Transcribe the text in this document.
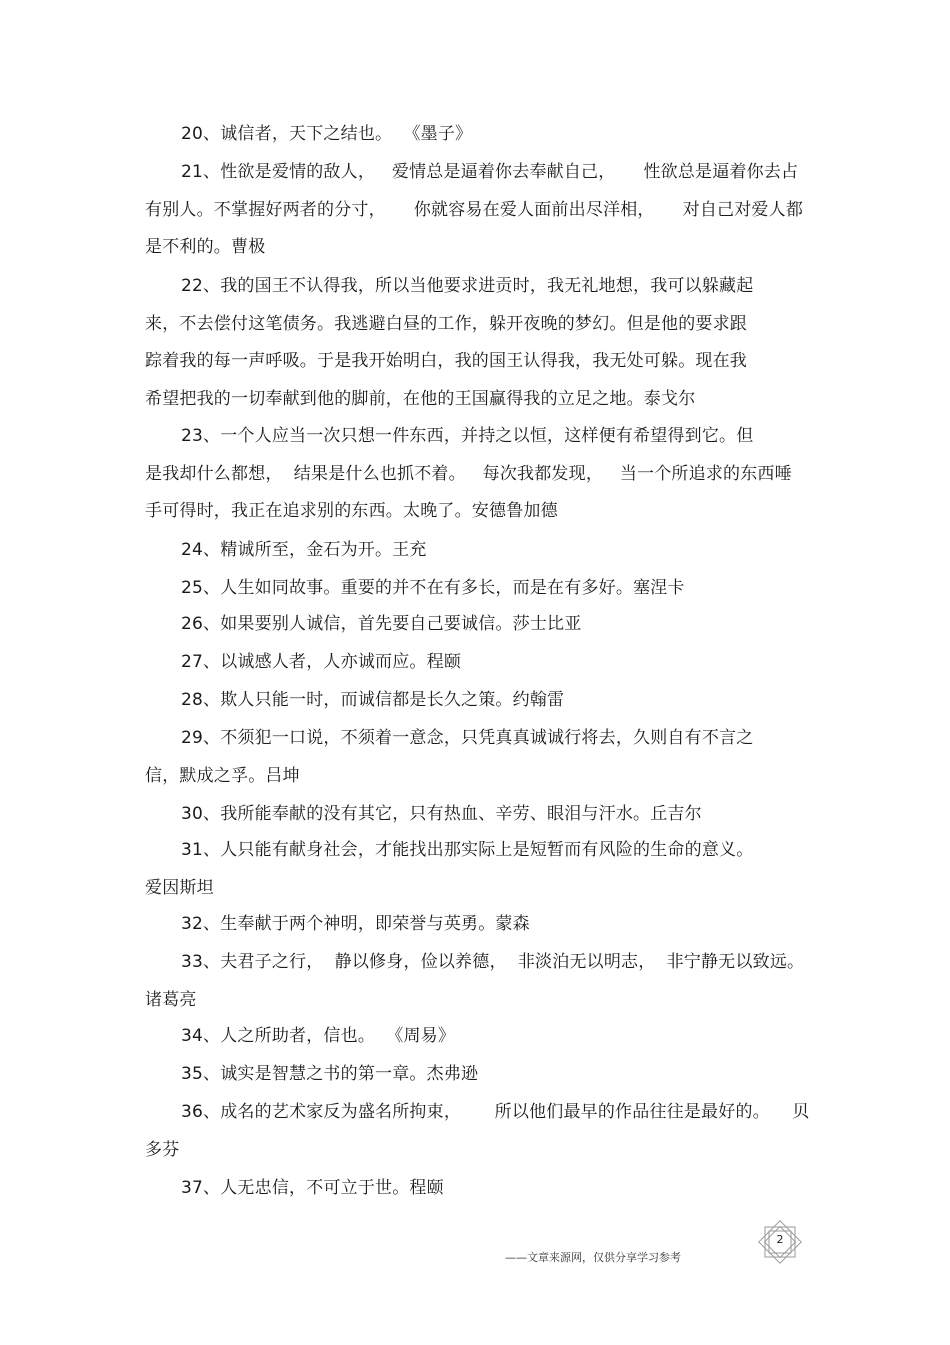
20、诚信者，天下之结也。  《墨子》
21、性欲是爱情的敌人，   爱情总是逼着你去奉献自己，     性欲总是逼着你去占
有别人。不掌握好两者的分寸，     你就容易在爱人面前出尽洋相，     对自己对爱人都
是不利的。曹极
22、我的国王不认得我，所以当他要求进贡时，我无礼地想，我可以躲藏起
来，不去偿付这笔债务。我逃避白昼的工作，躲开夜晚的梦幻。但是他的要求跟
踪着我的每一声呼吸。于是我开始明白，我的国王认得我，我无处可躲。现在我
希望把我的一切奉献到他的脚前，在他的王国赢得我的立足之地。泰戈尔
23、一个人应当一次只想一件东西，并持之以恒，这样便有希望得到它。但
是我却什么都想，  结果是什么也抓不着。   每次我都发现，   当一个所追求的东西唾
手可得时，我正在追求别的东西。太晚了。安德鲁加德
24、精诚所至，金石为开。王充
25、人生如同故事。重要的并不在有多长，而是在有多好。塞涅卡
26、如果要别人诚信，首先要自己要诚信。莎士比亚
27、以诚感人者，人亦诚而应。程颐
28、欺人只能一时，而诚信都是长久之策。约翰雷
29、不须犯一口说，不须着一意念，只凭真真诚诚行将去，久则自有不言之
信，默成之孚。吕坤
30、我所能奉献的没有其它，只有热血、辛劳、眼泪与汗水。丘吉尔
31、人只能有献身社会，才能找出那实际上是短暂而有风险的生命的意义。
爱因斯坦
32、生奉献于两个神明，即荣誉与英勇。蒙森
33、夫君子之行，  静以修身，俭以养德，  非淡泊无以明志，  非宁静无以致远。
诸葛亮
34、人之所助者，信也。  《周易》
35、诚实是智慧之书的第一章。杰弗逊
36、成名的艺术家反为盛名所拘束，      所以他们最早的作品往往是最好的。    贝
多芬
37、人无忠信，不可立于世。程颐
——文章来源网，仅供分享学习参考
2
